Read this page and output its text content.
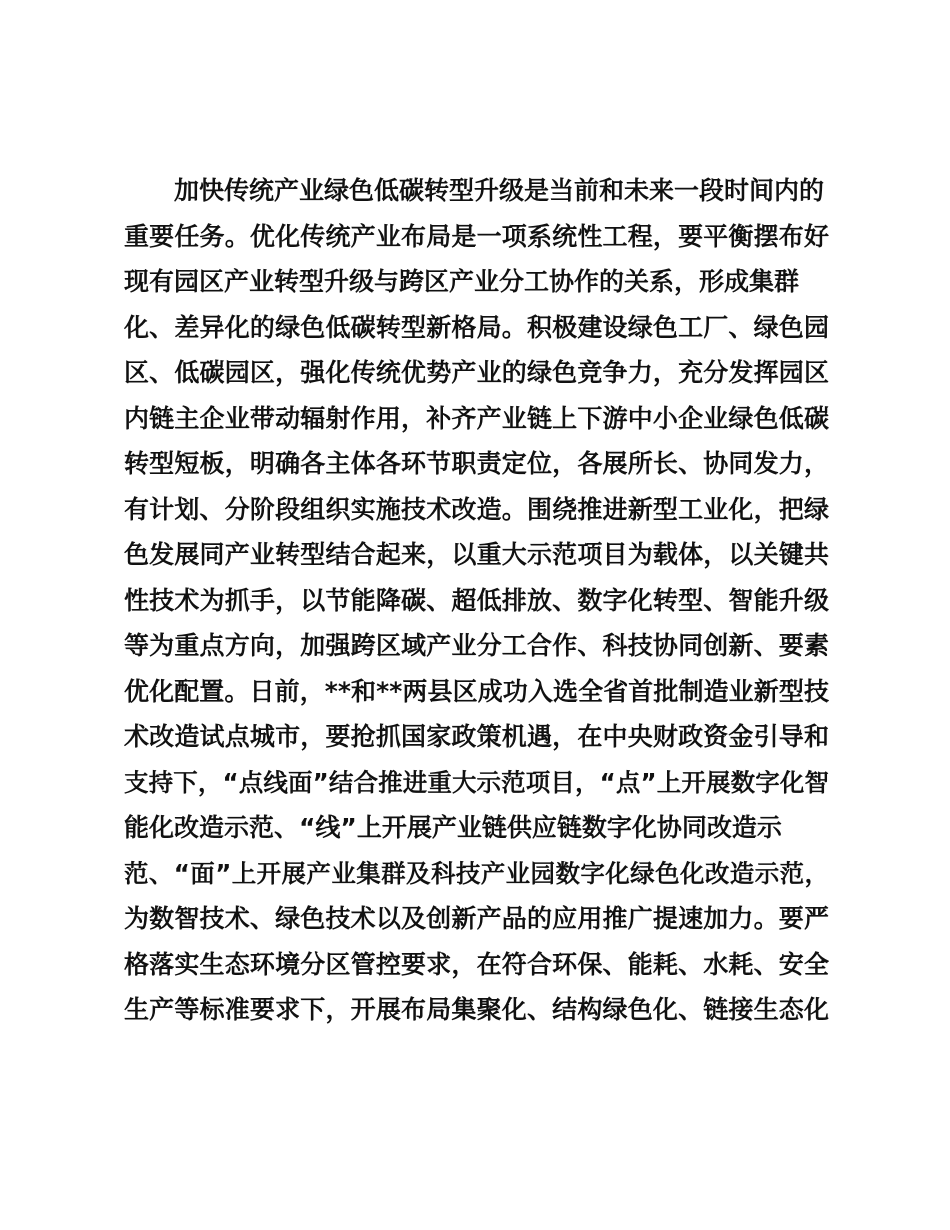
　　加快传统产业绿色低碳转型升级是当前和未来一段时间内的
重要任务。优化传统产业布局是一项系统性工程，要平衡摆布好
现有园区产业转型升级与跨区产业分工协作的关系，形成集群
化、差异化的绿色低碳转型新格局。积极建设绿色工厂、绿色园
区、低碳园区，强化传统优势产业的绿色竞争力，充分发挥园区
内链主企业带动辐射作用，补齐产业链上下游中小企业绿色低碳
转型短板，明确各主体各环节职责定位，各展所长、协同发力，
有计划、分阶段组织实施技术改造。围绕推进新型工业化，把绿
色发展同产业转型结合起来，以重大示范项目为载体，以关键共
性技术为抓手，以节能降碳、超低排放、数字化转型、智能升级
等为重点方向，加强跨区域产业分工合作、科技协同创新、要素
优化配置。日前，**和**两县区成功入选全省首批制造业新型技
术改造试点城市，要抢抓国家政策机遇，在中央财政资金引导和
支持下，“点线面”结合推进重大示范项目，“点”上开展数字化智
能化改造示范、“线”上开展产业链供应链数字化协同改造示
范、“面”上开展产业集群及科技产业园数字化绿色化改造示范，
为数智技术、绿色技术以及创新产品的应用推广提速加力。要严
格落实生态环境分区管控要求，在符合环保、能耗、水耗、安全
生产等标准要求下，开展布局集聚化、结构绿色化、链接生态化
